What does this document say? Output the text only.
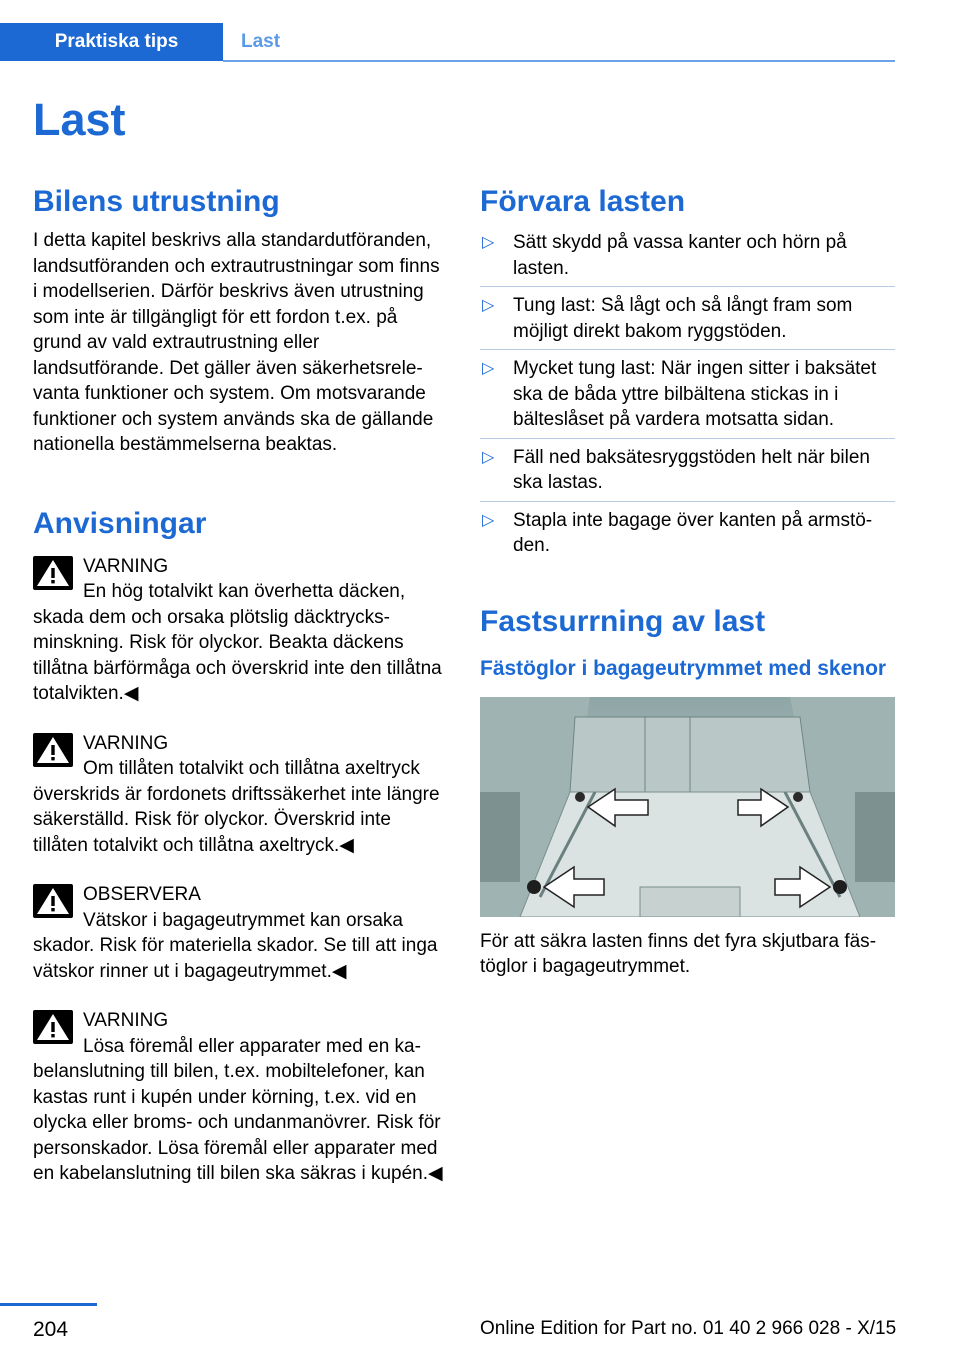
Praktiska tips	Last
Last
Bilens utrustning

I detta kapitel beskrivs alla standardutföranden, landsutföranden och extrautrustningar som finns i modellserien. Därför beskrivs även utrustning som inte är tillgängligt för ett fordon t.ex. på grund av vald extrautrustning eller landsutförande. Det gäller även säkerhetsrelevanta funktioner och system. Om motsvarande funktioner och system används ska de gällande nationella bestämmelserna beaktas.

Anvisningar
VARNING

En hög totalvikt kan överhetta däcken, skada dem och orsaka plötslig däcktrycksminskning. Risk för olyckor. Beakta däckens tillåtna bärförmåga och överskrid inte den tillåtna totalvikten.◀

VARNING

Om tillåten totalvikt och tillåtna axeltryck överskrids är fordonets driftssäkerhet inte längre säkerställd. Risk för olyckor. Överskrid inte tillåten totalvikt och tillåtna axeltryck.◀

OBSERVERA

Vätskor i bagageutrymmet kan orsaka skador. Risk för materiella skador. Se till att inga vätskor rinner ut i bagageutrymmet.◀

VARNING

Lösa föremål eller apparater med en kabelanslutning till bilen, t.ex. mobiltelefoner, kan kastas runt i kupén under körning, t.ex. vid en olycka eller broms- och undanmanövrer. Risk för personskador. Lösa föremål eller apparater med en kabelanslutning till bilen ska säkras i kupén.◀

Förvara lasten
▷ Sätt skydd på vassa kanter och hörn på lasten.
▷ Tung last: Så lågt och så långt fram som möjligt direkt bakom ryggstöden.
▷ Mycket tung last: När ingen sitter i baksätet ska de båda yttre bilbältena stickas in i bälteslåset på vardera motsatta sidan.
▷ Fäll ned baksätesryggstöden helt när bilen ska lastas.
▷ Stapla inte bagage över kanten på armstöden.
Fastsurrning av last
Fästöglor i bagageutrymmet med skenor

För att säkra lasten finns det fyra skjutbara fästöglor i bagageutrymmet.

204	Online Edition for Part no. 01 40 2 966 028 - X/15
